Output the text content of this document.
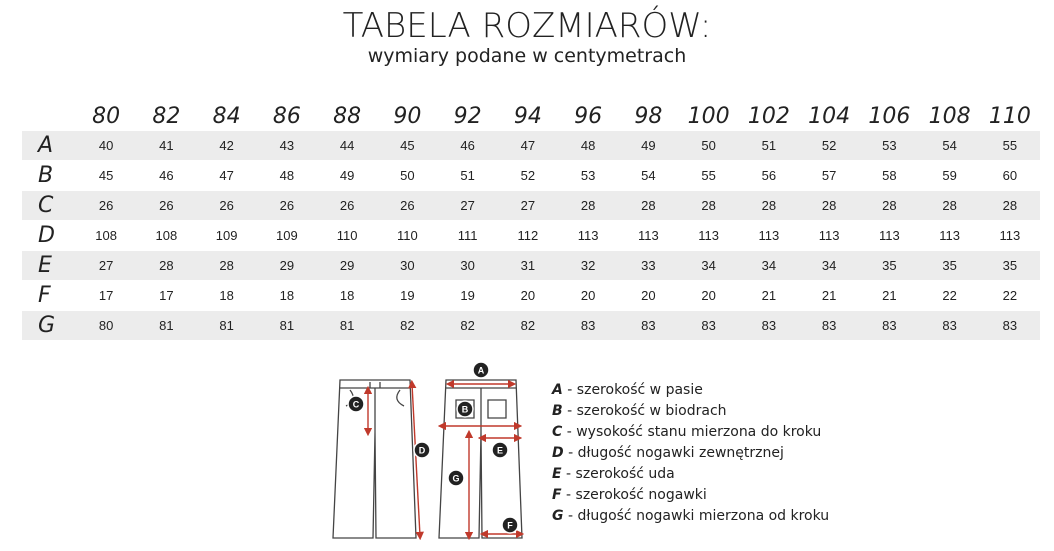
TABELA ROZMIARÓW:
wymiary podane w centymetrach
	80	82	84	86	88	90	92	94	96	98	100	102	104	106	108	110
A	40	41	42	43	44	45	46	47	48	49	50	51	52	53	54	55
B	45	46	47	48	49	50	51	52	53	54	55	56	57	58	59	60
C	26	26	26	26	26	26	27	27	28	28	28	28	28	28	28	28
D	108	108	109	109	110	110	111	112	113	113	113	113	113	113	113	113
E	27	28	28	29	29	30	30	31	32	33	34	34	34	35	35	35
F	17	17	18	18	18	19	19	20	20	20	20	21	21	21	22	22
G	80	81	81	81	81	82	82	82	83	83	83	83	83	83	83	83
A
B
C
D	E
F
G
A - szerokość w pasie
B - szerokość w biodrach
C - wysokość stanu mierzona do kroku
D - długość nogawki zewnętrznej
E - szerokość uda
F - szerokość nogawki
G - długość nogawki mierzona od kroku
